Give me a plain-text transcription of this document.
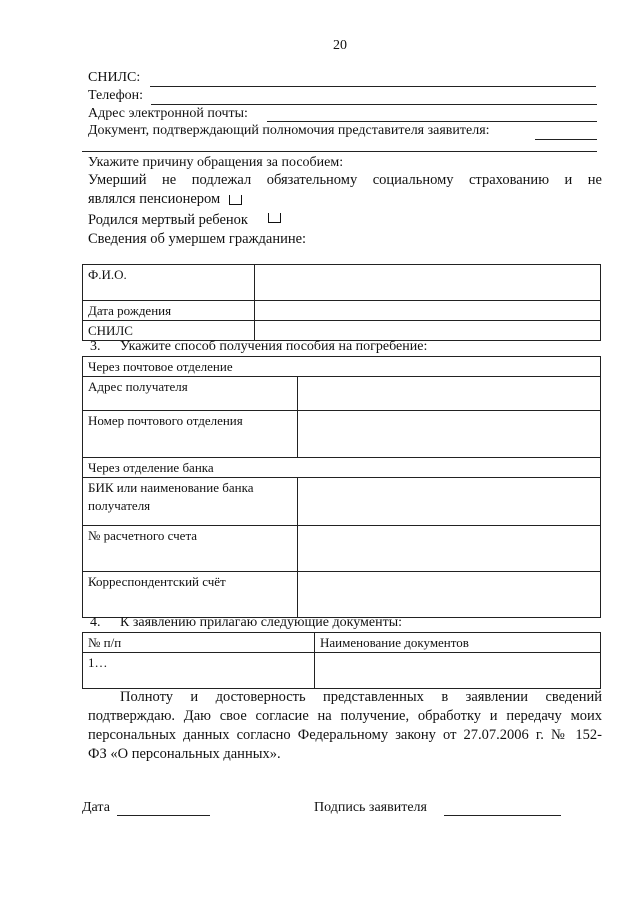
20
СНИЛС:
Телефон:
Адрес электронной почты:
Документ, подтверждающий полномочия представителя заявителя:
Укажите причину обращения за пособием:
Умерший не подлежал обязательному социальному страхованию и не
являлся пенсионером
Родился мертвый ребенок
Сведения об умершем гражданине:
Ф.И.О.	
Дата рождения	
СНИЛС	
3. Укажите способ получения пособия на погребение:
Через почтовое отделение	
Адрес получателя	
Номер почтового отделения	
Через отделение банка	

БИК или наименование банка
получателя	

№ расчетного счета	
Корреспондентский счёт	
4. К заявлению прилагаю следующие документы:
№ п/п	Наименование документов
1…	
Полноту и достоверность представленных в заявлении сведений
подтверждаю. Даю свое согласие на получение, обработку и передачу моих
персональных данных согласно Федеральному закону от 27.07.2006 г. № 152-
ФЗ «О персональных данных».
Дата	Подпись заявителя
